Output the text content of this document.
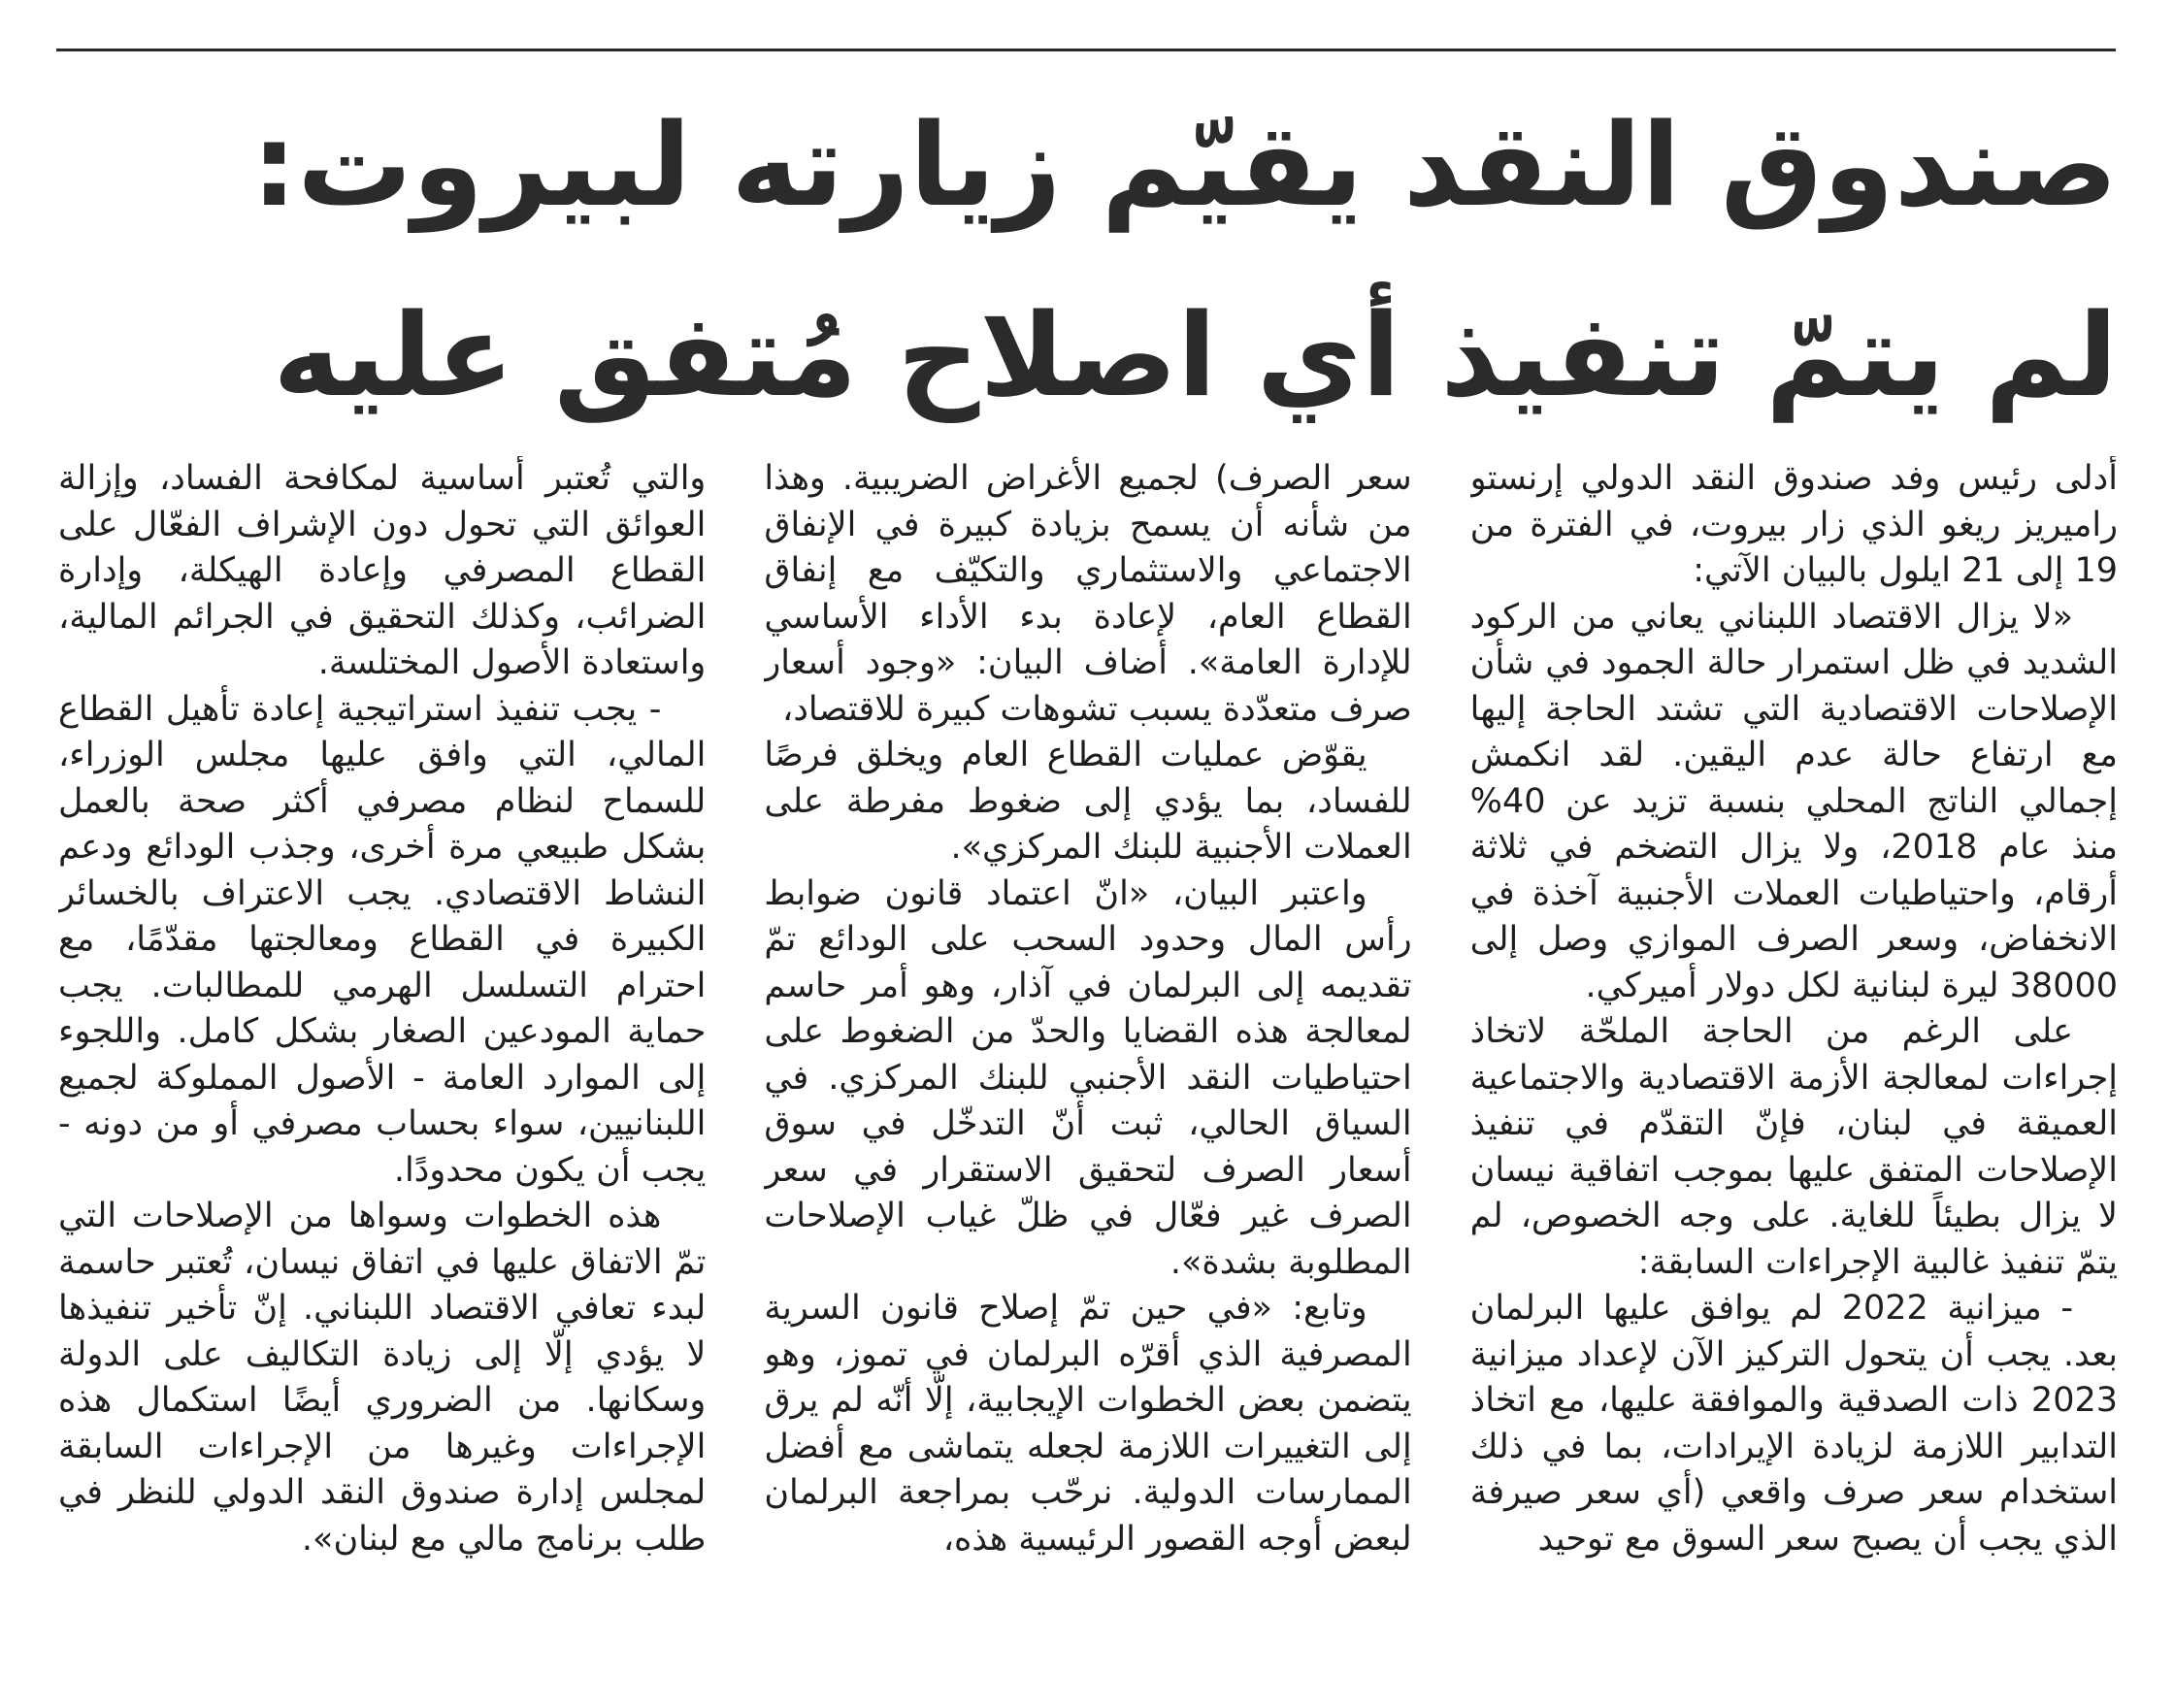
صندوق النقد يقيّم زيارته لبيروت:
لم يتمّ تنفيذ أي اصلاح مُتفق عليه

أدلى رئيس وفد صندوق النقد الدولي إرنستو راميريز ريغو الذي زار بيروت، في الفترة من 19 إلى 21 ايلول بالبيان الآتي:

«لا يزال الاقتصاد اللبناني يعاني من الركود الشديد في ظل استمرار حالة الجمود في شأن الإصلاحات الاقتصادية التي تشتد الحاجة إليها مع ارتفاع حالة عدم اليقين. لقد انكمش إجمالي الناتج المحلي بنسبة تزيد عن 40% منذ عام 2018، ولا يزال التضخم في ثلاثة أرقام، واحتياطيات العملات الأجنبية آخذة في الانخفاض، وسعر الصرف الموازي وصل إلى 38000 ليرة لبنانية لكل دولار أميركي.

على الرغم من الحاجة الملحّة لاتخاذ إجراءات لمعالجة الأزمة الاقتصادية والاجتماعية العميقة في لبنان، فإنّ التقدّم في تنفيذ الإصلاحات المتفق عليها بموجب اتفاقية نيسان لا يزال بطيئاً للغاية. على وجه الخصوص، لم يتمّ تنفيذ غالبية الإجراءات السابقة:

- ميزانية 2022 لم يوافق عليها البرلمان بعد. يجب أن يتحول التركيز الآن لإعداد ميزانية 2023 ذات الصدقية والموافقة عليها، مع اتخاذ التدابير اللازمة لزيادة الإيرادات، بما في ذلك استخدام سعر صرف واقعي (أي سعر صيرفة الذي يجب أن يصبح سعر السوق مع توحيد

سعر الصرف) لجميع الأغراض الضريبية. وهذا من شأنه أن يسمح بزيادة كبيرة في الإنفاق الاجتماعي والاستثماري والتكيّف مع إنفاق القطاع العام، لإعادة بدء الأداء الأساسي للإدارة العامة». أضاف البيان: «وجود أسعار صرف متعدّدة يسبب تشوهات كبيرة للاقتصاد،

يقوّض عمليات القطاع العام ويخلق فرصًا للفساد، بما يؤدي إلى ضغوط مفرطة على العملات الأجنبية للبنك المركزي».

واعتبر البيان، «انّ اعتماد قانون ضوابط رأس المال وحدود السحب على الودائع تمّ تقديمه إلى البرلمان في آذار، وهو أمر حاسم لمعالجة هذه القضايا والحدّ من الضغوط على احتياطيات النقد الأجنبي للبنك المركزي. في السياق الحالي، ثبت أنّ التدخّل في سوق أسعار الصرف لتحقيق الاستقرار في سعر الصرف غير فعّال في ظلّ غياب الإصلاحات المطلوبة بشدة».

وتابع: «في حين تمّ إصلاح قانون السرية المصرفية الذي أقرّه البرلمان في تموز، وهو يتضمن بعض الخطوات الإيجابية، إلّا أنّه لم يرق إلى التغييرات اللازمة لجعله يتماشى مع أفضل الممارسات الدولية. نرحّب بمراجعة البرلمان لبعض أوجه القصور الرئيسية هذه،

والتي تُعتبر أساسية لمكافحة الفساد، وإزالة العوائق التي تحول دون الإشراف الفعّال على القطاع المصرفي وإعادة الهيكلة، وإدارة الضرائب، وكذلك التحقيق في الجرائم المالية، واستعادة الأصول المختلسة.

- يجب تنفيذ استراتيجية إعادة تأهيل القطاع المالي، التي وافق عليها مجلس الوزراء، للسماح لنظام مصرفي أكثر صحة بالعمل بشكل طبيعي مرة أخرى، وجذب الودائع ودعم النشاط الاقتصادي. يجب الاعتراف بالخسائر الكبيرة في القطاع ومعالجتها مقدّمًا، مع احترام التسلسل الهرمي للمطالبات. يجب حماية المودعين الصغار بشكل كامل. واللجوء إلى الموارد العامة - الأصول المملوكة لجميع اللبنانيين، سواء بحساب مصرفي أو من دونه - يجب أن يكون محدودًا.

هذه الخطوات وسواها من الإصلاحات التي تمّ الاتفاق عليها في اتفاق نيسان، تُعتبر حاسمة لبدء تعافي الاقتصاد اللبناني. إنّ تأخير تنفيذها لا يؤدي إلّا إلى زيادة التكاليف على الدولة وسكانها. من الضروري أيضًا استكمال هذه الإجراءات وغيرها من الإجراءات السابقة لمجلس إدارة صندوق النقد الدولي للنظر في طلب برنامج مالي مع لبنان».
